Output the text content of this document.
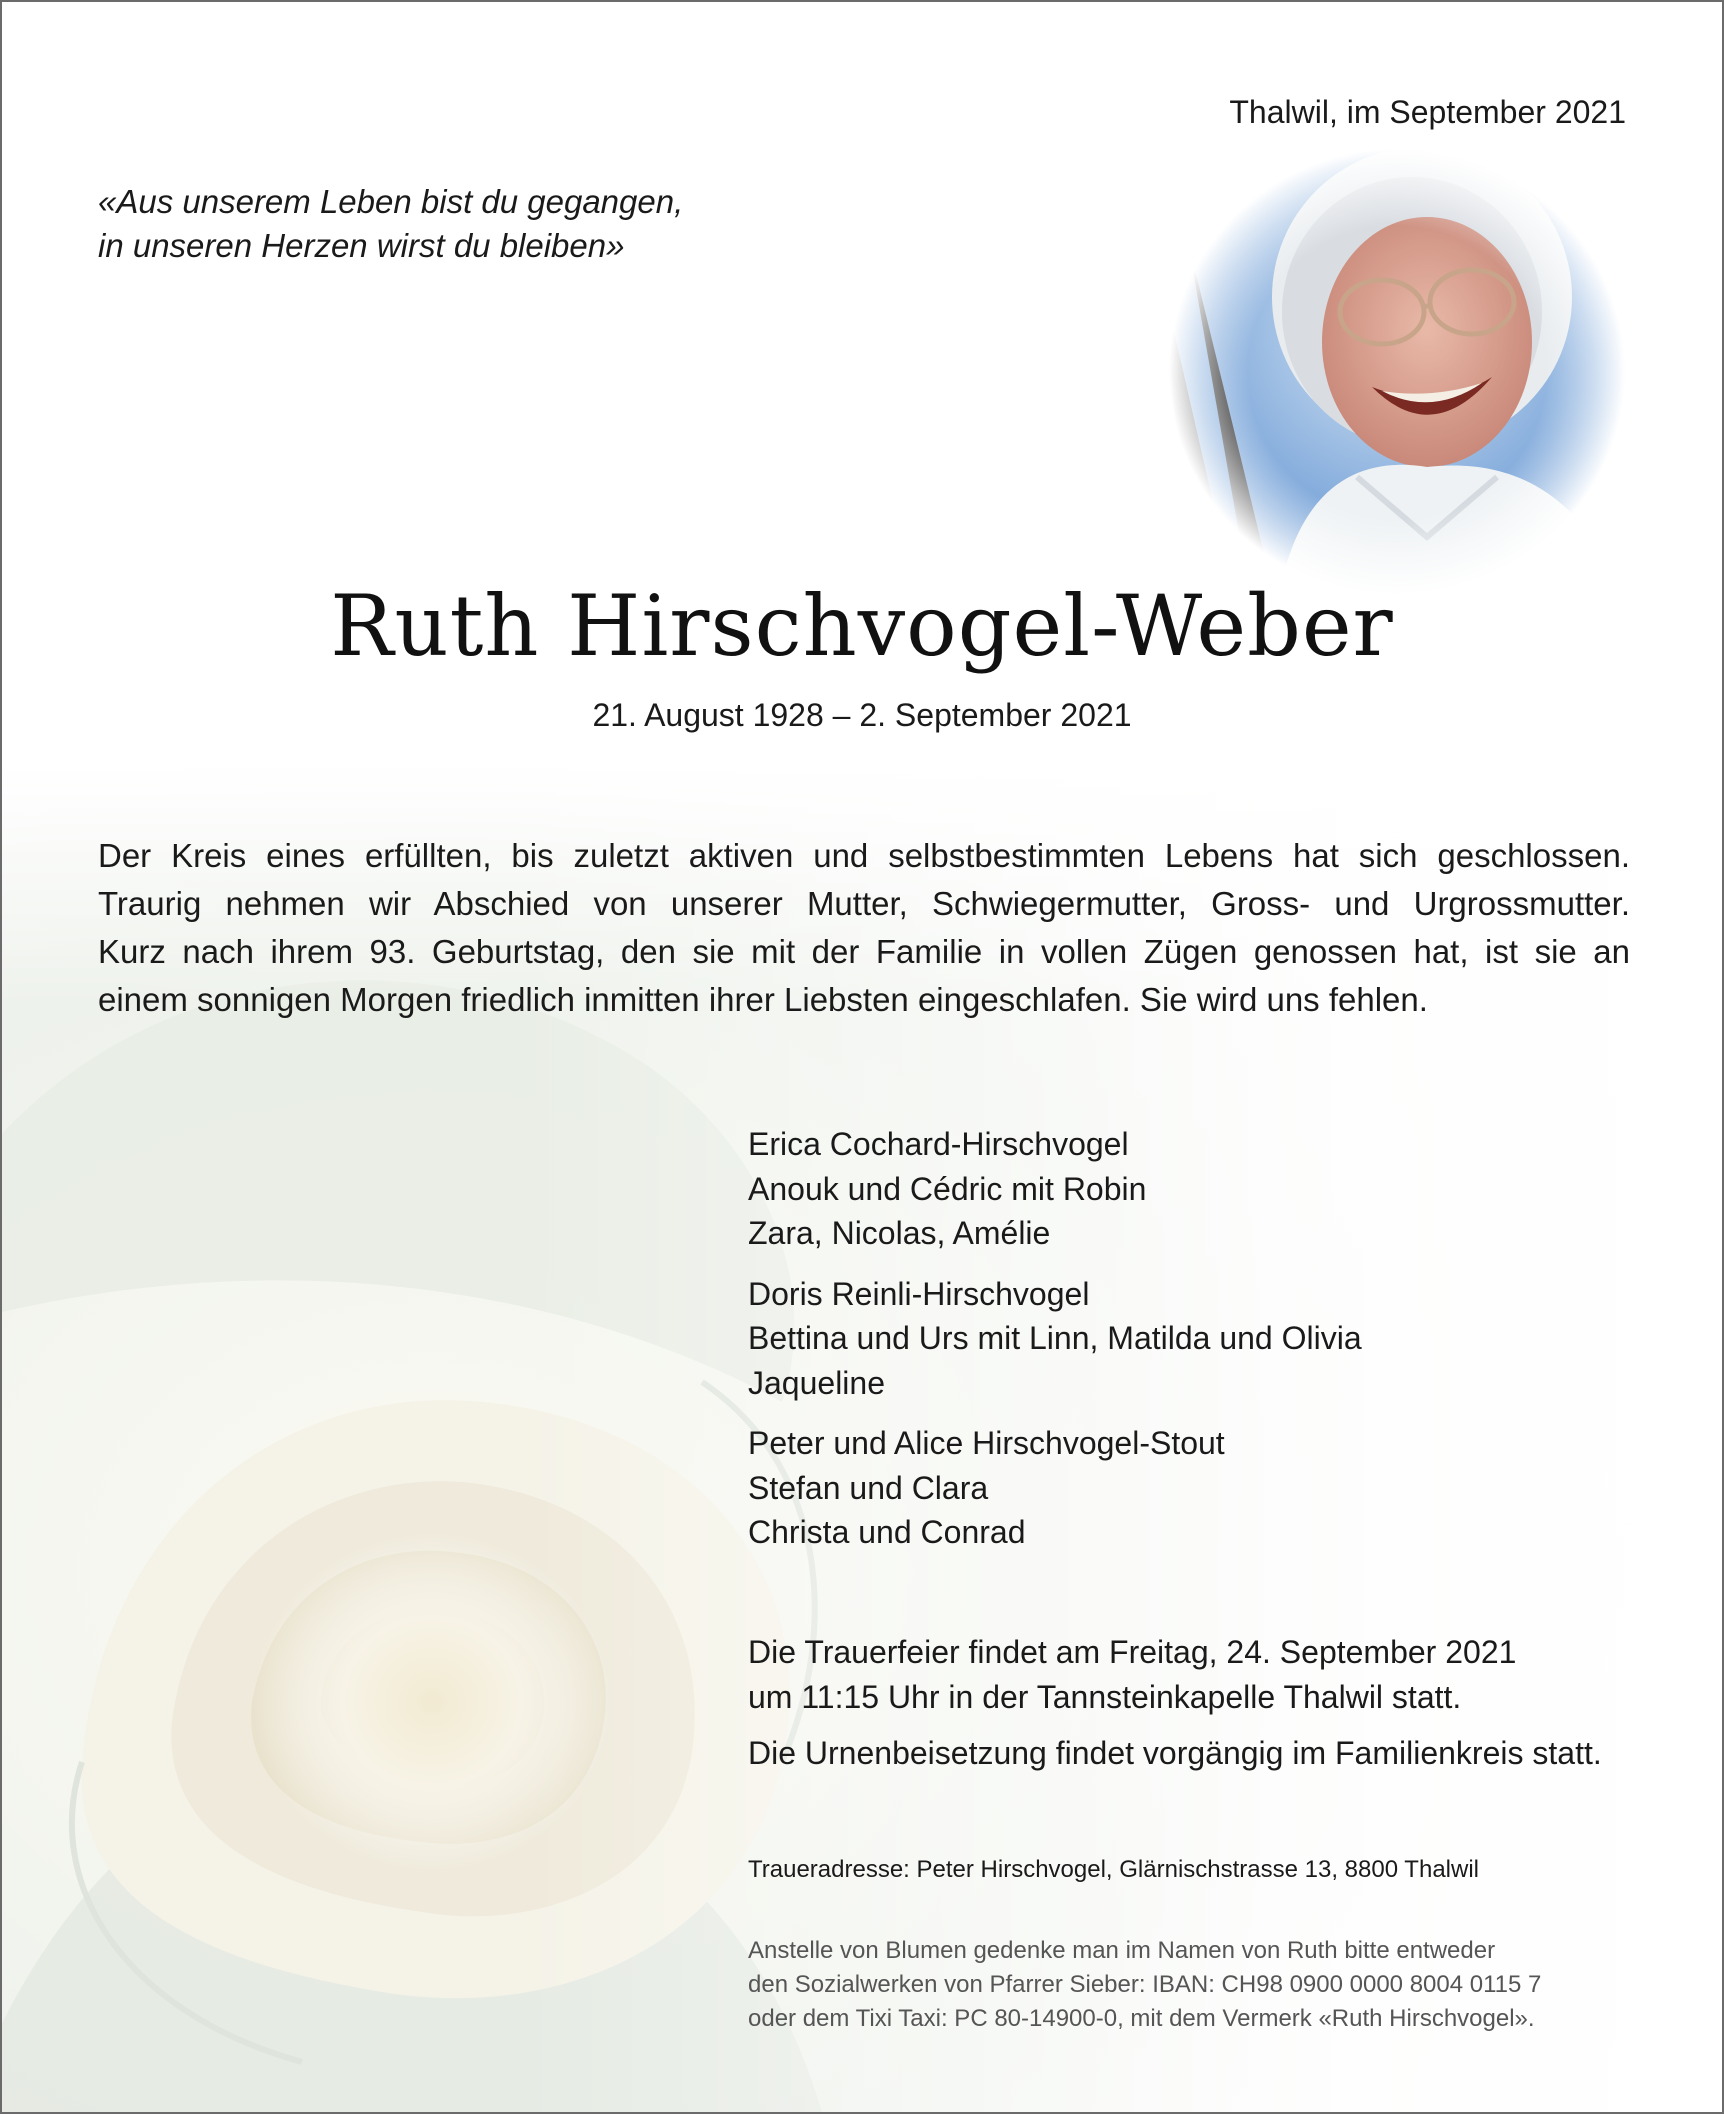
Thalwil, im September 2021
«Aus unserem Leben bist du gegangen,
in unseren Herzen wirst du bleiben»
Ruth Hirschvogel-Weber
21. August 1928 – 2. September 2021
Der Kreis eines erfüllten, bis zuletzt aktiven und selbstbestimmten Lebens hat sich geschlossen.
Traurig nehmen wir Abschied von unserer Mutter, Schwiegermutter, Gross- und Urgrossmutter.
Kurz nach ihrem 93. Geburtstag, den sie mit der Familie in vollen Zügen genossen hat, ist sie an
einem sonnigen Morgen friedlich inmitten ihrer Liebsten eingeschlafen. Sie wird uns fehlen.
Erica Cochard-Hirschvogel
Anouk und Cédric mit Robin
Zara, Nicolas, Amélie
Doris Reinli-Hirschvogel
Bettina und Urs mit Linn, Matilda und Olivia
Jaqueline
Peter und Alice Hirschvogel-Stout
Stefan und Clara
Christa und Conrad
Die Trauerfeier findet am Freitag, 24. September 2021
um 11:15 Uhr in der Tannsteinkapelle Thalwil statt.
Die Urnenbeisetzung findet vorgängig im Familienkreis statt.
Traueradresse: Peter Hirschvogel, Glärnischstrasse 13, 8800 Thalwil
Anstelle von Blumen gedenke man im Namen von Ruth bitte entweder
den Sozialwerken von Pfarrer Sieber: IBAN: CH98 0900 0000 8004 0115 7
oder dem Tixi Taxi: PC 80-14900-0, mit dem Vermerk «Ruth Hirschvogel».
